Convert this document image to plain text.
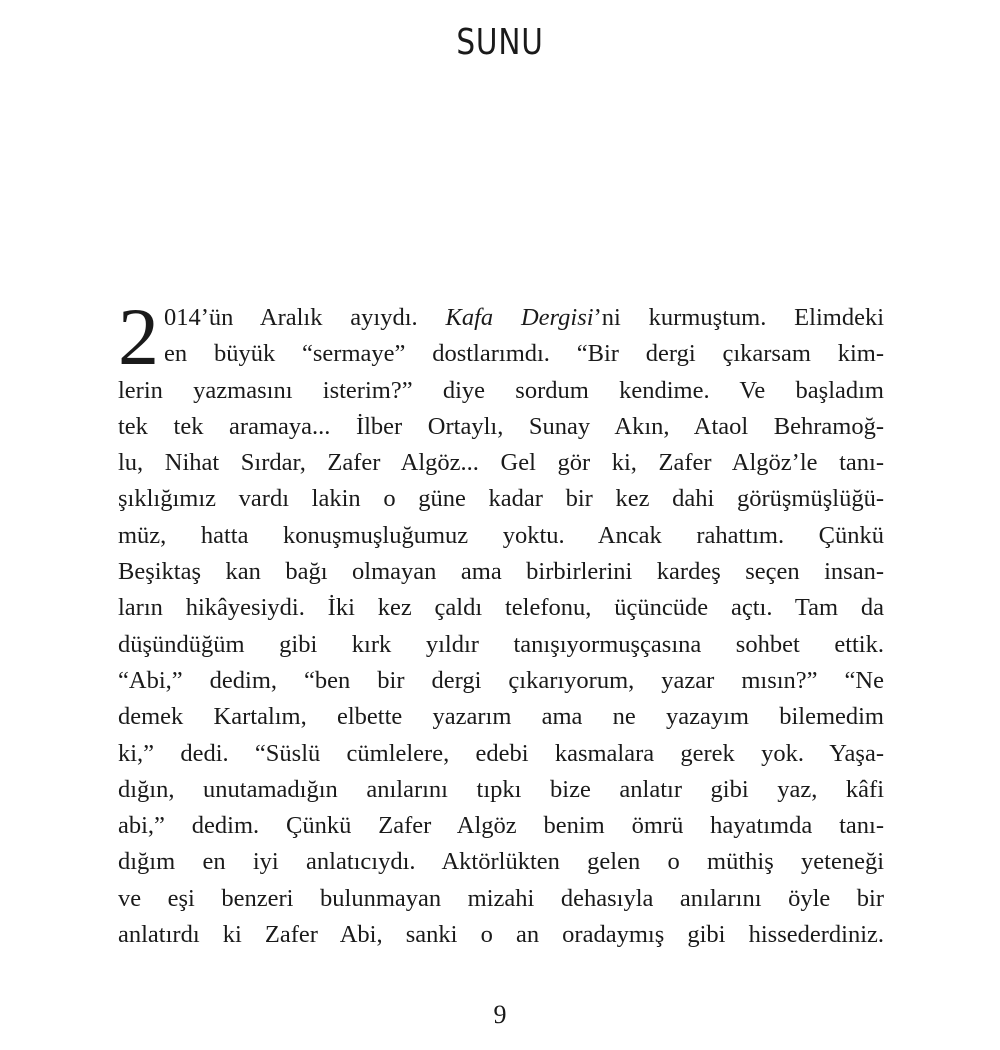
SUNU
2 014’ün Aralık ayıydı. Kafa Dergisi’ni kurmuştum. Elimdeki
en büyük “sermaye” dostlarımdı. “Bir dergi çıkarsam kim-
lerin yazmasını isterim?” diye sordum kendime. Ve başladım
tek tek aramaya... İlber Ortaylı, Sunay Akın, Ataol Behramoğ-
lu, Nihat Sırdar, Zafer Algöz... Gel gör ki, Zafer Algöz’le tanı-
şıklığımız vardı lakin o güne kadar bir kez dahi görüşmüşlüğü-
müz, hatta konuşmuşluğumuz yoktu. Ancak rahattım. Çünkü
Beşiktaş kan bağı olmayan ama birbirlerini kardeş seçen insan-
ların hikâyesiydi. İki kez çaldı telefonu, üçüncüde açtı. Tam da
düşündüğüm gibi kırk yıldır tanışıyormuşçasına sohbet ettik.
“Abi,” dedim, “ben bir dergi çıkarıyorum, yazar mısın?” “Ne
demek Kartalım, elbette yazarım ama ne yazayım bilemedim
ki,” dedi. “Süslü cümlelere, edebi kasmalara gerek yok. Yaşa-
dığın, unutamadığın anılarını tıpkı bize anlatır gibi yaz, kâfi
abi,” dedim. Çünkü Zafer Algöz benim ömrü hayatımda tanı-
dığım en iyi anlatıcıydı. Aktörlükten gelen o müthiş yeteneği
ve eşi benzeri bulunmayan mizahi dehasıyla anılarını öyle bir
anlatırdı ki Zafer Abi, sanki o an oradaymış gibi hissederdiniz.
9
